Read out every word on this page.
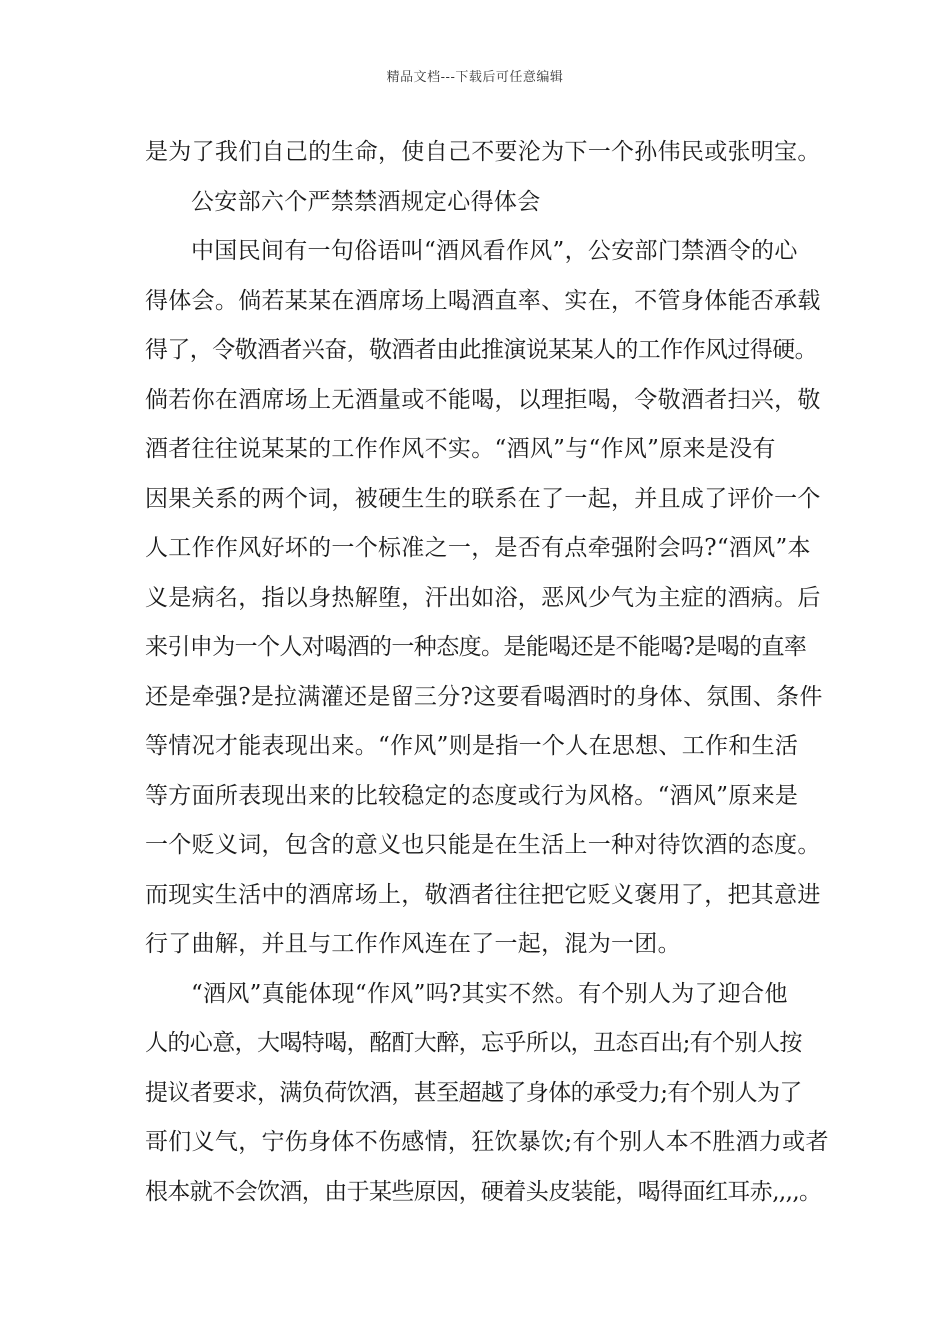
精品文档---下载后可任意编辑
是为了我们自己的生命，使自己不要沦为下一个孙伟民或张明宝。
公安部六个严禁禁酒规定心得体会
中国民间有一句俗语叫“酒风看作风”，公安部门禁酒令的心
得体会。倘若某某在酒席场上喝酒直率、实在，不管身体能否承载
得了，令敬酒者兴奋，敬酒者由此推演说某某人的工作作风过得硬。
倘若你在酒席场上无酒量或不能喝，以理拒喝，令敬酒者扫兴，敬
酒者往往说某某的工作作风不实。“酒风”与“作风”原来是没有
因果关系的两个词，被硬生生的联系在了一起，并且成了评价一个
人工作作风好坏的一个标准之一，是否有点牵强附会吗?“酒风”本
义是病名，指以身热解堕，汗出如浴，恶风少气为主症的酒病。后
来引申为一个人对喝酒的一种态度。是能喝还是不能喝?是喝的直率
还是牵强?是拉满灌还是留三分?这要看喝酒时的身体、氛围、条件
等情况才能表现出来。“作风”则是指一个人在思想、工作和生活
等方面所表现出来的比较稳定的态度或行为风格。“酒风”原来是
一个贬义词，包含的意义也只能是在生活上一种对待饮酒的态度。
而现实生活中的酒席场上，敬酒者往往把它贬义褒用了，把其意进
行了曲解，并且与工作作风连在了一起，混为一团。
“酒风”真能体现“作风”吗?其实不然。有个别人为了迎合他
人的心意，大喝特喝，酩酊大醉，忘乎所以，丑态百出;有个别人按
提议者要求，满负荷饮酒，甚至超越了身体的承受力;有个别人为了
哥们义气，宁伤身体不伤感情，狂饮暴饮;有个别人本不胜酒力或者
根本就不会饮酒，由于某些原因，硬着头皮装能，喝得面红耳赤,,,,。
